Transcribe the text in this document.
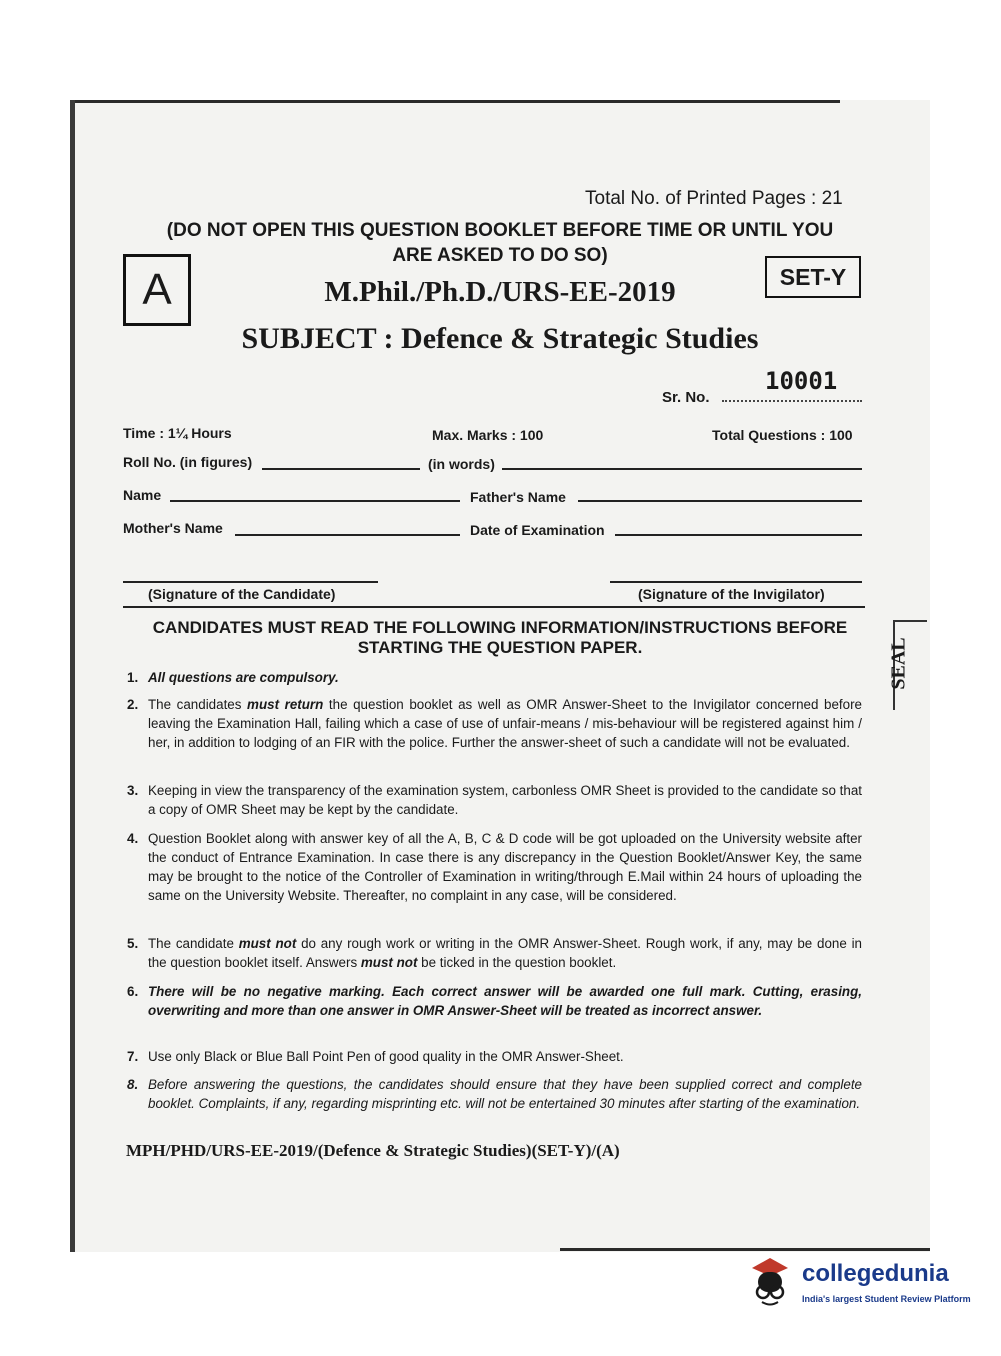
Total No. of Printed Pages : 21
(DO NOT OPEN THIS QUESTION BOOKLET BEFORE TIME OR UNTIL YOU
ARE ASKED TO DO SO)
A	SET-Y
M.Phil./Ph.D./URS-EE-2019
SUBJECT : Defence & Strategic Studies
Sr. No.
10001
Time : 1¼ Hours	Max. Marks : 100	Total Questions : 100
Roll No. (in figures)	(in words)
Name	Father's Name
Mother's Name	Date of Examination
(Signature of the Candidate)	(Signature of the Invigilator)
CANDIDATES MUST READ THE FOLLOWING INFORMATION/INSTRUCTIONS BEFORE
STARTING THE QUESTION PAPER.
1. All questions are compulsory.
2. The candidates must return the question booklet as well as OMR Answer-Sheet to the Invigilator concerned before leaving the Examination Hall, failing which a case of use of unfair-means / mis-behaviour will be registered against him / her, in addition to lodging of an FIR with the police. Further the answer-sheet of such a candidate will not be evaluated.
3. Keeping in view the transparency of the examination system, carbonless OMR Sheet is provided to the candidate so that a copy of OMR Sheet may be kept by the candidate.
4. Question Booklet along with answer key of all the A, B, C & D code will be got uploaded on the University website after the conduct of Entrance Examination. In case there is any discrepancy in the Question Booklet/Answer Key, the same may be brought to the notice of the Controller of Examination in writing/through E.Mail within 24 hours of uploading the same on the University Website. Thereafter, no complaint in any case, will be considered.
5. The candidate must not do any rough work or writing in the OMR Answer-Sheet. Rough work, if any, may be done in the question booklet itself. Answers must not be ticked in the question booklet.
6. There will be no negative marking. Each correct answer will be awarded one full mark. Cutting, erasing, overwriting and more than one answer in OMR Answer-Sheet will be treated as incorrect answer.
7. Use only Black or Blue Ball Point Pen of good quality in the OMR Answer-Sheet.
8. Before answering the questions, the candidates should ensure that they have been supplied correct and complete booklet. Complaints, if any, regarding misprinting etc. will not be entertained 30 minutes after starting of the examination.
MPH/PHD/URS-EE-2019/(Defence & Strategic Studies)(SET-Y)/(A)
SEAL
collegedunia
India's largest Student Review Platform
